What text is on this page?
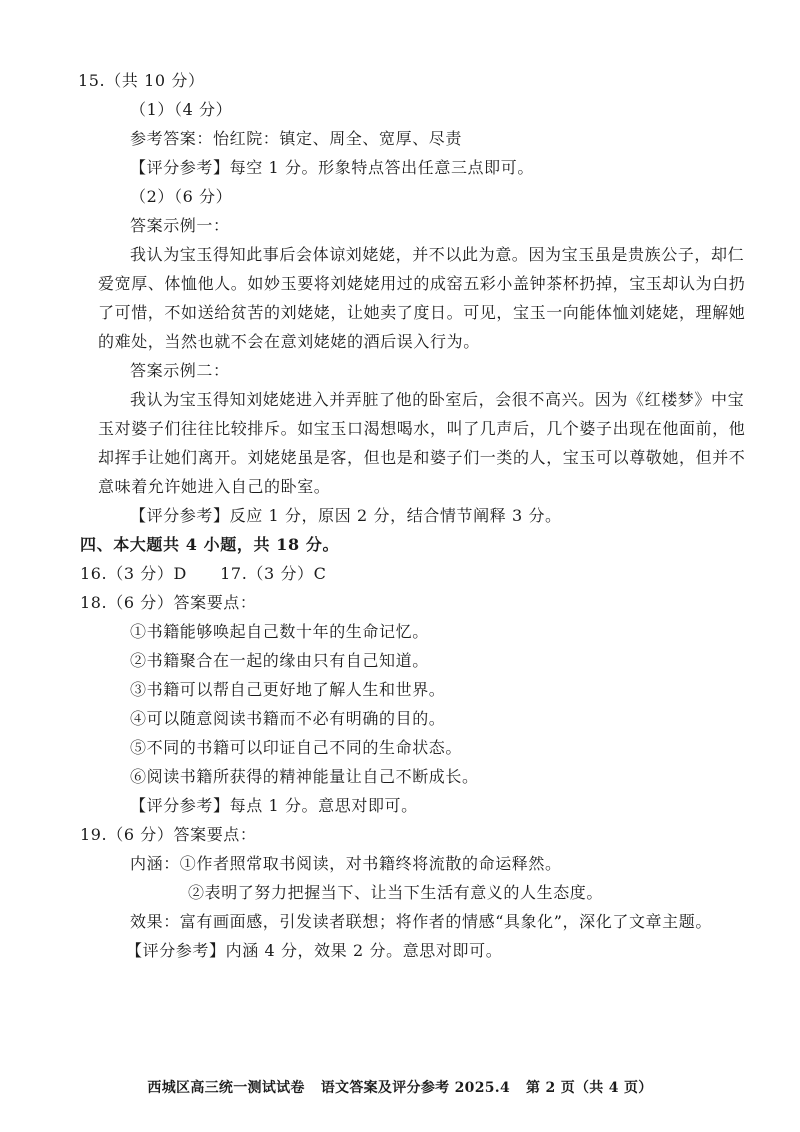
15.（共 10 分）
（1）（4 分）
参考答案：怡红院：镇定、周全、宽厚、尽责
【评分参考】每空 1 分。形象特点答出任意三点即可。
（2）（6 分）
答案示例一：
我认为宝玉得知此事后会体谅刘姥姥，并不以此为意。因为宝玉虽是贵族公子，却仁
爱宽厚、体恤他人。如妙玉要将刘姥姥用过的成窑五彩小盖钟茶杯扔掉，宝玉却认为白扔
了可惜，不如送给贫苦的刘姥姥，让她卖了度日。可见，宝玉一向能体恤刘姥姥，理解她
的难处，当然也就不会在意刘姥姥的酒后误入行为。
答案示例二：
我认为宝玉得知刘姥姥进入并弄脏了他的卧室后，会很不高兴。因为《红楼梦》中宝
玉对婆子们往往比较排斥。如宝玉口渴想喝水，叫了几声后，几个婆子出现在他面前，他
却挥手让她们离开。刘姥姥虽是客，但也是和婆子们一类的人，宝玉可以尊敬她，但并不
意味着允许她进入自己的卧室。
【评分参考】反应 1 分，原因 2 分，结合情节阐释 3 分。
四、本大题共 4 小题，共 18 分。
16.（3 分）D　　17.（3 分）C
18.（6 分）答案要点：
①书籍能够唤起自己数十年的生命记忆。
②书籍聚合在一起的缘由只有自己知道。
③书籍可以帮自己更好地了解人生和世界。
④可以随意阅读书籍而不必有明确的目的。
⑤不同的书籍可以印证自己不同的生命状态。
⑥阅读书籍所获得的精神能量让自己不断成长。
【评分参考】每点 1 分。意思对即可。
19.（6 分）答案要点：
内涵：①作者照常取书阅读，对书籍终将流散的命运释然。
②表明了努力把握当下、让当下生活有意义的人生态度。
效果：富有画面感，引发读者联想；将作者的情感“具象化”，深化了文章主题。
【评分参考】内涵 4 分，效果 2 分。意思对即可。
西城区高三统一测试试卷 语文答案及评分参考 2025.4 第 2 页（共 4 页）
